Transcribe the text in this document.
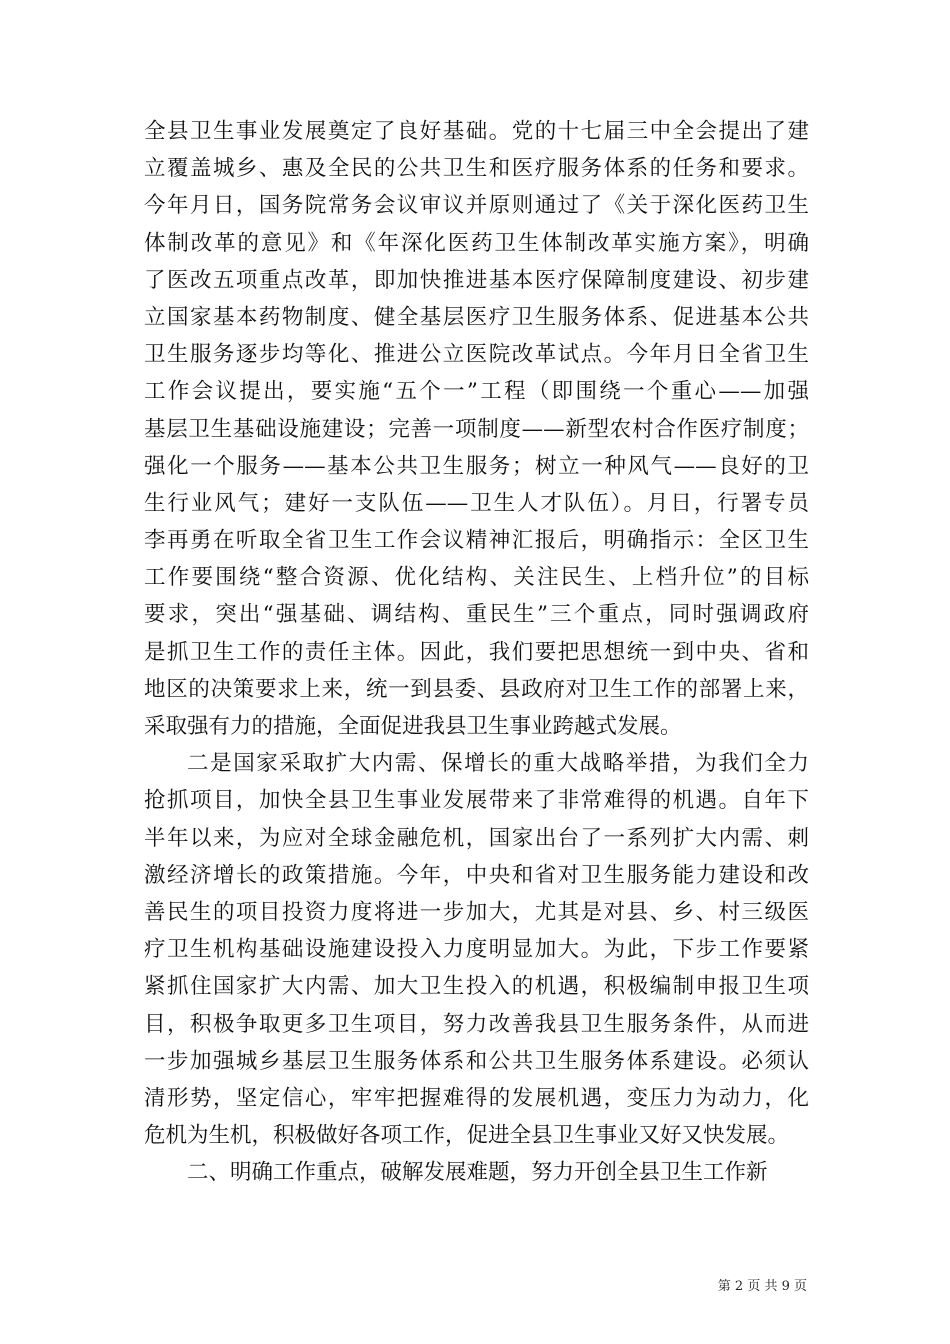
全县卫生事业发展奠定了良好基础。党的十七届三中全会提出了建
立覆盖城乡、惠及全民的公共卫生和医疗服务体系的任务和要求。
今年月日，国务院常务会议审议并原则通过了《关于深化医药卫生
体制改革的意见》和《年深化医药卫生体制改革实施方案》，明确
了医改五项重点改革，即加快推进基本医疗保障制度建设、初步建
立国家基本药物制度、健全基层医疗卫生服务体系、促进基本公共
卫生服务逐步均等化、推进公立医院改革试点。今年月日全省卫生
工作会议提出，要实施“五个一”工程（即围绕一个重心——加强
基层卫生基础设施建设；完善一项制度——新型农村合作医疗制度；
强化一个服务——基本公共卫生服务；树立一种风气——良好的卫
生行业风气；建好一支队伍——卫生人才队伍）。月日，行署专员
李再勇在听取全省卫生工作会议精神汇报后，明确指示：全区卫生
工作要围绕“整合资源、优化结构、关注民生、上档升位”的目标
要求，突出“强基础、调结构、重民生”三个重点，同时强调政府
是抓卫生工作的责任主体。因此，我们要把思想统一到中央、省和
地区的决策要求上来，统一到县委、县政府对卫生工作的部署上来，
采取强有力的措施，全面促进我县卫生事业跨越式发展。
二是国家采取扩大内需、保增长的重大战略举措，为我们全力
抢抓项目，加快全县卫生事业发展带来了非常难得的机遇。自年下
半年以来，为应对全球金融危机，国家出台了一系列扩大内需、刺
激经济增长的政策措施。今年，中央和省对卫生服务能力建设和改
善民生的项目投资力度将进一步加大，尤其是对县、乡、村三级医
疗卫生机构基础设施建设投入力度明显加大。为此，下步工作要紧
紧抓住国家扩大内需、加大卫生投入的机遇，积极编制申报卫生项
目，积极争取更多卫生项目，努力改善我县卫生服务条件，从而进
一步加强城乡基层卫生服务体系和公共卫生服务体系建设。必须认
清形势，坚定信心，牢牢把握难得的发展机遇，变压力为动力，化
危机为生机，积极做好各项工作，促进全县卫生事业又好又快发展。
二、明确工作重点，破解发展难题，努力开创全县卫生工作新
第 2 页 共 9 页
